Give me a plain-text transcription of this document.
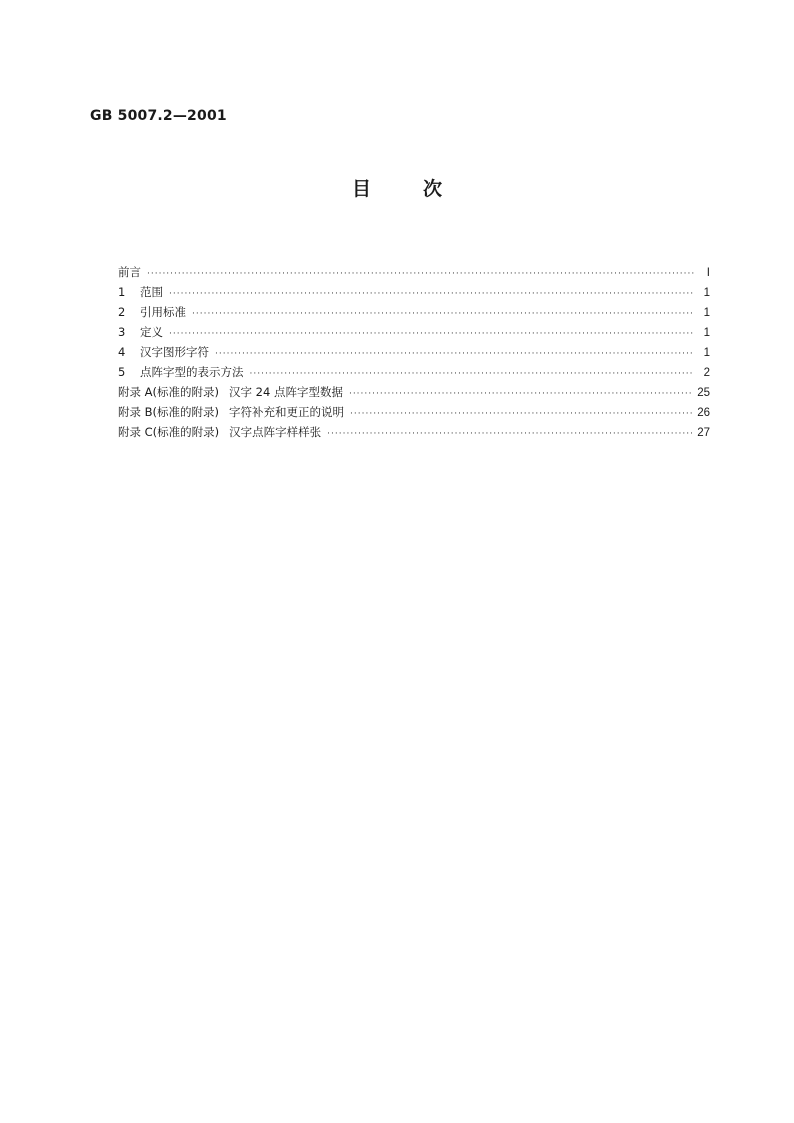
GB 5007.2—2001
目	次
前言 ·····	I
1 范围 ·····	1
2 引用标准 ·····	1
3 定义 ·····	1
4 汉字图形字符 ·····	1
5 点阵字型的表示方法 ·····	2
附录 A(标准的附录) 汉字 24 点阵字型数据 ·····	25
附录 B(标准的附录) 字符补充和更正的说明 ·····	26
附录 C(标准的附录) 汉字点阵字样样张 ·····	27
